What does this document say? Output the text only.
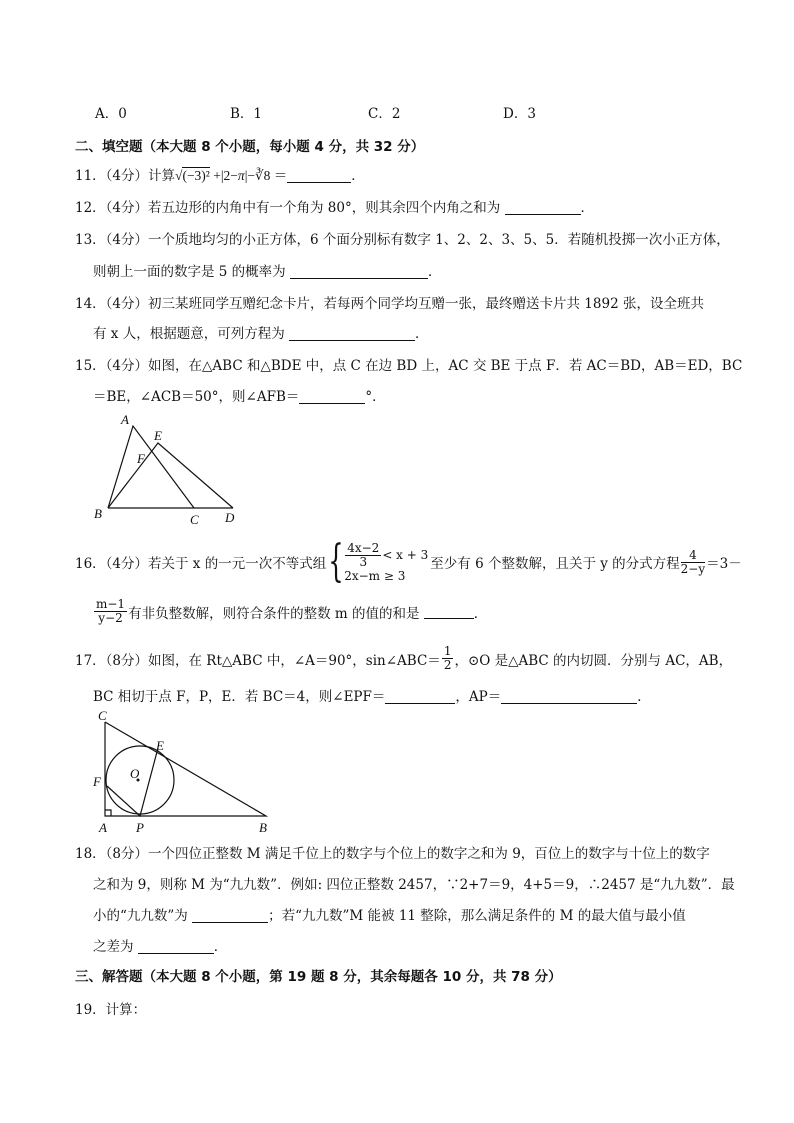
A．0	B．1	C．2	D．3
二、填空题（本大题 8 个小题，每小题 4 分，共 32 分）
11．（4分）计算√(−3)² +|2−π|−∛8 ＝	．
12．（4分）若五边形的内角中有一个角为 80°，则其余四个内角之和为	．
13．（4分）一个质地均匀的小正方体，6 个面分别标有数字 1、2、2、3、5、5．若随机投掷一次小正方体，
则朝上一面的数字是 5 的概率为	．
14．（4分）初三某班同学互赠纪念卡片，若每两个同学均互赠一张，最终赠送卡片共 1892 张，设全班共
有 x 人，根据题意，可列方程为	．
15．（4分）如图，在△ABC 和△BDE 中，点 C 在边 BD 上，AC 交 BE 于点 F．若 AC＝BD，AB＝ED，BC
＝BE，∠ACB＝50°，则∠AFB＝	°．
A
E
F
B	C D
16．（4分）若关于 x 的一元一次不等式组 { $\frac{4x-2}{3} < x + 3$
2x−m ≥ 3
至少有 6 个整数解，且关于 y 的分式方程 $\frac{4}{2-y} =3-$
$\frac{m-1}{y-2}$ 有非负整数解，则符合条件的整数 m 的值的和是
	．
17．（8分）如图，在 Rt△ABC 中，∠A＝90°，sin∠ABC＝ $\frac{1}{2}$ ，⊙O 是△ABC 的内切圆．分别与 AC，AB，
BC 相切于点 F，P，E．若 BC＝4，则∠EPF＝	，AP＝	．
C
E
O
F
A P	B
18．（8分）一个四位正整数 M 满足千位上的数字与个位上的数字之和为 9，百位上的数字与十位上的数字
之和为 9，则称 M 为“九九数”．例如: 四位正整数 2457，∵2+7＝9，4+5＝9，∴2457 是“九九数”．最
小的“九九数”为	；若“九九数”M 能被 11 整除，那么满足条件的 M 的最大值与最小值
之差为	．
三、解答题（本大题 8 个小题，第 19 题 8 分，其余每题各 10 分，共 78 分）
19．计算：
